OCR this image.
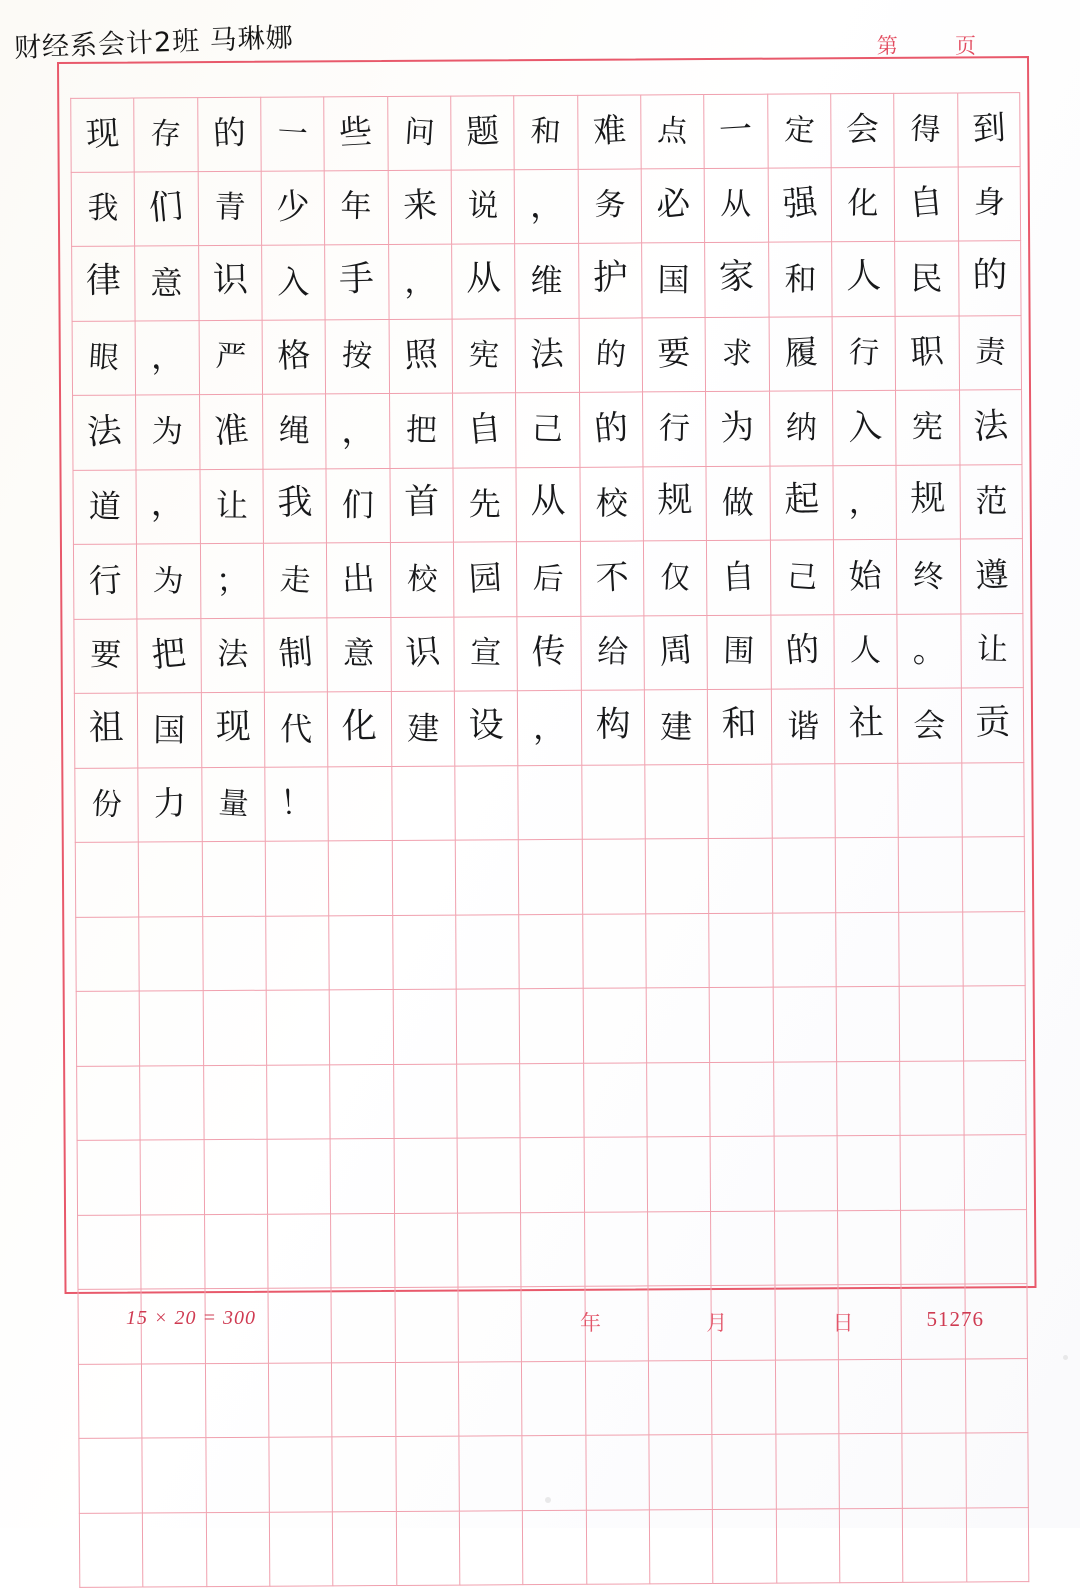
财经系会计2班 马琳娜	第 页
现 存 的 一 些 问 题 和 难 点 一 定 会 得 到
我 们 青 少 年 来 说 ， 务 必 从 强 化 自 身
律 意 识 入 手 ， 从 维 护 国 家 和 人 民 的
眼 ， 严 格 按 照 宪 法 的 要 求 履 行 职 责
法 为 准 绳 ， 把 自 己 的 行 为 纳 入 宪 法
道 ， 让 我 们 首 先 从 校 规 做 起 ， 规 范
行 为 ； 走 出 校 园 后 不 仅 自 己 始 终 遵
要 把 法 制 意 识 宣 传 给 周 围 的 人 。 让
祖 国 现 代 化 建 设 ， 构 建 和 谐 社 会 贡
份 力 量 ！
15 × 20 = 300	年 月 日 51276
